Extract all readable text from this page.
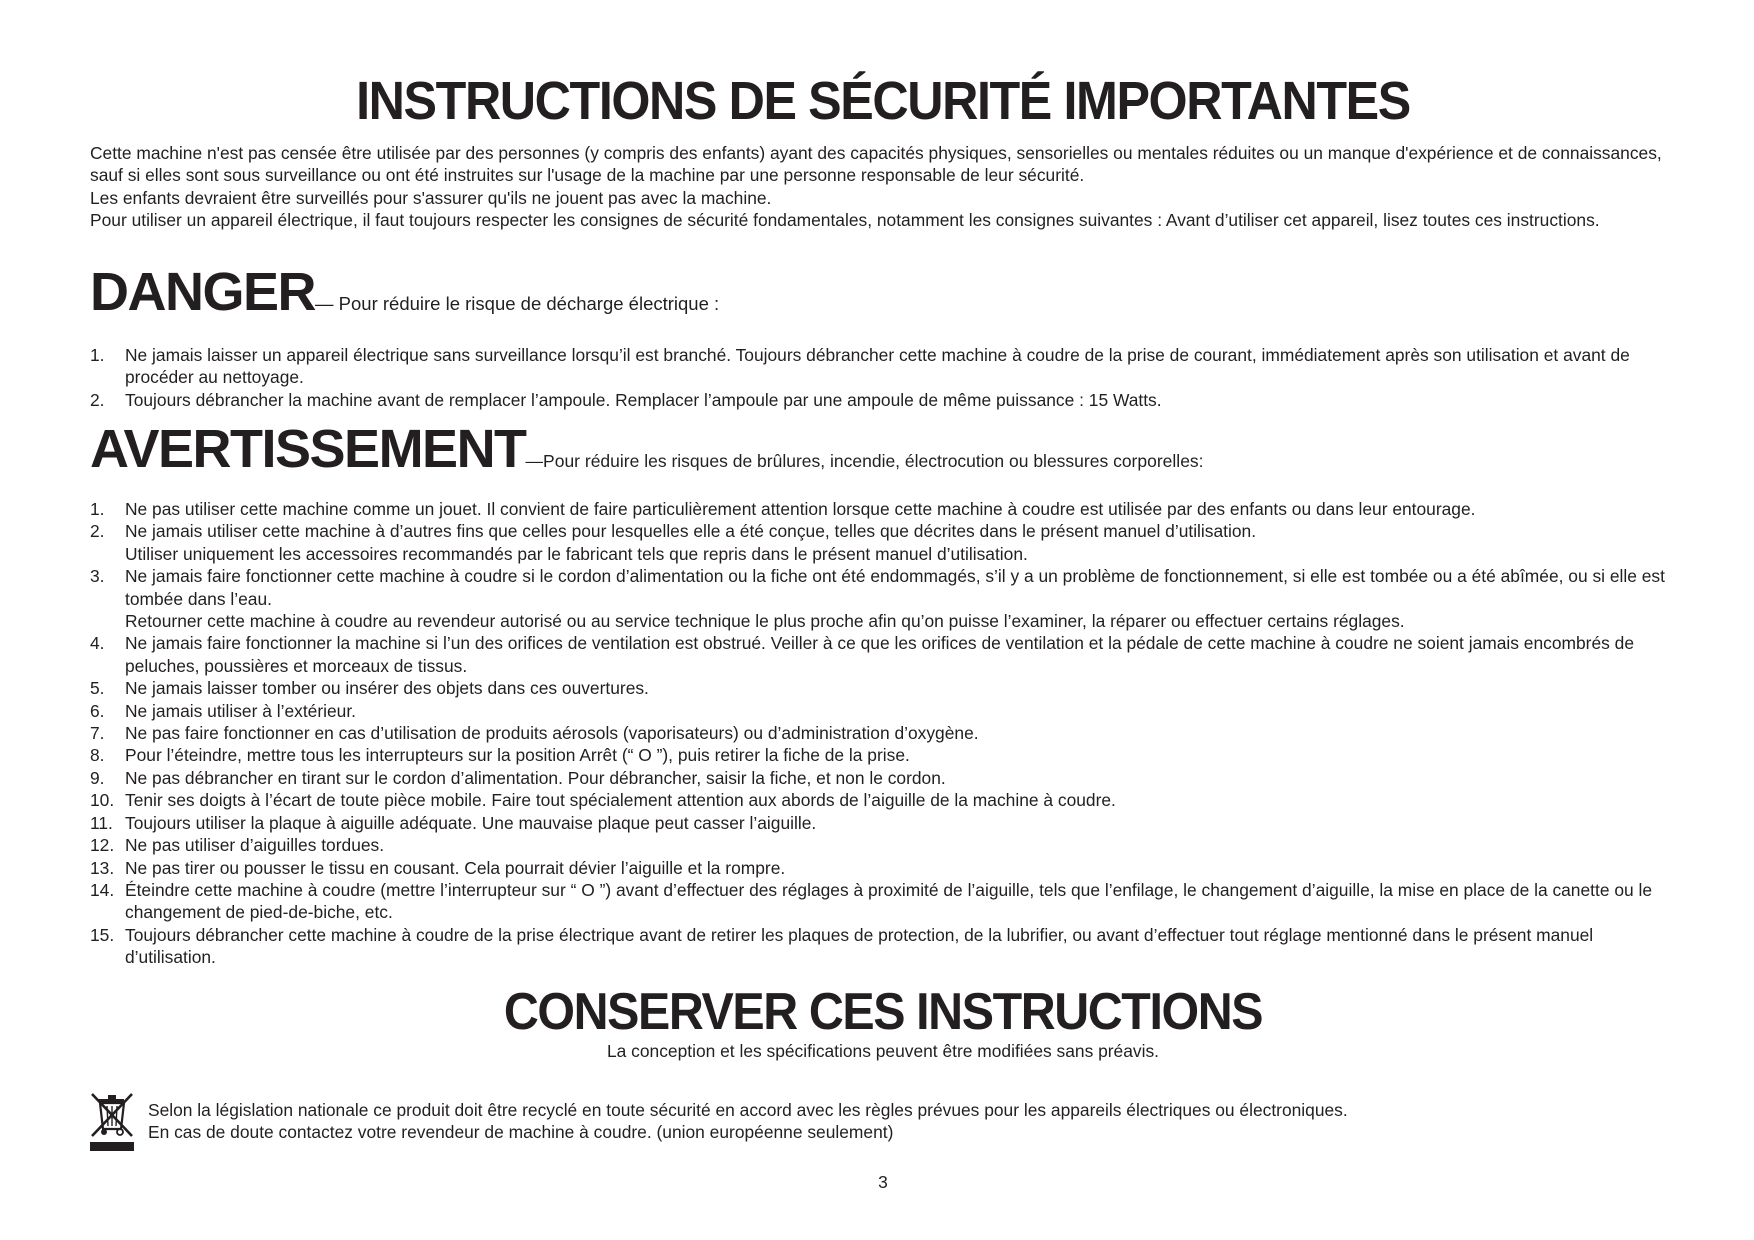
INSTRUCTIONS DE SÉCURITÉ IMPORTANTES

Cette machine n'est pas censée être utilisée par des personnes (y compris des enfants) ayant des capacités physiques, sensorielles ou mentales réduites ou un manque d'expérience et de connaissances, sauf si elles sont sous surveillance ou ont été instruites sur l'usage de la machine par une personne responsable de leur sécurité.

Les enfants devraient être surveillés pour s'assurer qu'ils ne jouent pas avec la machine.

Pour utiliser un appareil électrique, il faut toujours respecter les consignes de sécurité fondamentales, notamment les consignes suivantes : Avant d’utiliser cet appareil, lisez toutes ces instructions.

DANGER— Pour réduire le risque de décharge électrique :
1. Ne jamais laisser un appareil électrique sans surveillance lorsqu’il est branché. Toujours débrancher cette machine à coudre de la prise de courant, immédiatement après son utilisation et avant de procéder au nettoyage.
2. Toujours débrancher la machine avant de remplacer l’ampoule. Remplacer l’ampoule par une ampoule de même puissance : 15 Watts.
AVERTISSEMENT—Pour réduire les risques de brûlures, incendie, électrocution ou blessures corporelles:
1. Ne pas utiliser cette machine comme un jouet. Il convient de faire particulièrement attention lorsque cette machine à coudre est utilisée par des enfants ou dans leur entourage.
2. Ne jamais utiliser cette machine à d’autres fins que celles pour lesquelles elle a été conçue, telles que décrites dans le présent manuel d’utilisation.
Utiliser uniquement les accessoires recommandés par le fabricant tels que repris dans le présent manuel d’utilisation.
3. Ne jamais faire fonctionner cette machine à coudre si le cordon d’alimentation ou la fiche ont été endommagés, s’il y a un problème de fonctionnement, si elle est tombée ou a été abîmée, ou si elle est tombée dans l’eau.
Retourner cette machine à coudre au revendeur autorisé ou au service technique le plus proche afin qu’on puisse l’examiner, la réparer ou effectuer certains réglages.
4. Ne jamais faire fonctionner la machine si l’un des orifices de ventilation est obstrué. Veiller à ce que les orifices de ventilation et la pédale de cette machine à coudre ne soient jamais encombrés de peluches, poussières et morceaux de tissus.
5. Ne jamais laisser tomber ou insérer des objets dans ces ouvertures.
6. Ne jamais utiliser à l’extérieur.
7. Ne pas faire fonctionner en cas d’utilisation de produits aérosols (vaporisateurs) ou d’administration d’oxygène.
8. Pour l’éteindre, mettre tous les interrupteurs sur la position Arrêt (“ O ”), puis retirer la fiche de la prise.
9. Ne pas débrancher en tirant sur le cordon d’alimentation. Pour débrancher, saisir la fiche, et non le cordon.
10. Tenir ses doigts à l’écart de toute pièce mobile. Faire tout spécialement attention aux abords de l’aiguille de la machine à coudre.
11. Toujours utiliser la plaque à aiguille adéquate. Une mauvaise plaque peut casser l’aiguille.
12. Ne pas utiliser d’aiguilles tordues.
13. Ne pas tirer ou pousser le tissu en cousant. Cela pourrait dévier l’aiguille et la rompre.
14. Éteindre cette machine à coudre (mettre l’interrupteur sur “ O ”) avant d’effectuer des réglages à proximité de l’aiguille, tels que l’enfilage, le changement d’aiguille, la mise en place de la canette ou le changement de pied-de-biche, etc.
15. Toujours débrancher cette machine à coudre de la prise électrique avant de retirer les plaques de protection, de la lubrifier, ou avant d’effectuer tout réglage mentionné dans le présent manuel d’utilisation.
CONSERVER CES INSTRUCTIONS

La conception et les spécifications peuvent être modifiées sans préavis.

Selon la législation nationale ce produit doit être recyclé en toute sécurité en accord avec les règles prévues pour les appareils électriques ou électroniques.

En cas de doute contactez votre revendeur de machine à coudre. (union européenne seulement)

3
